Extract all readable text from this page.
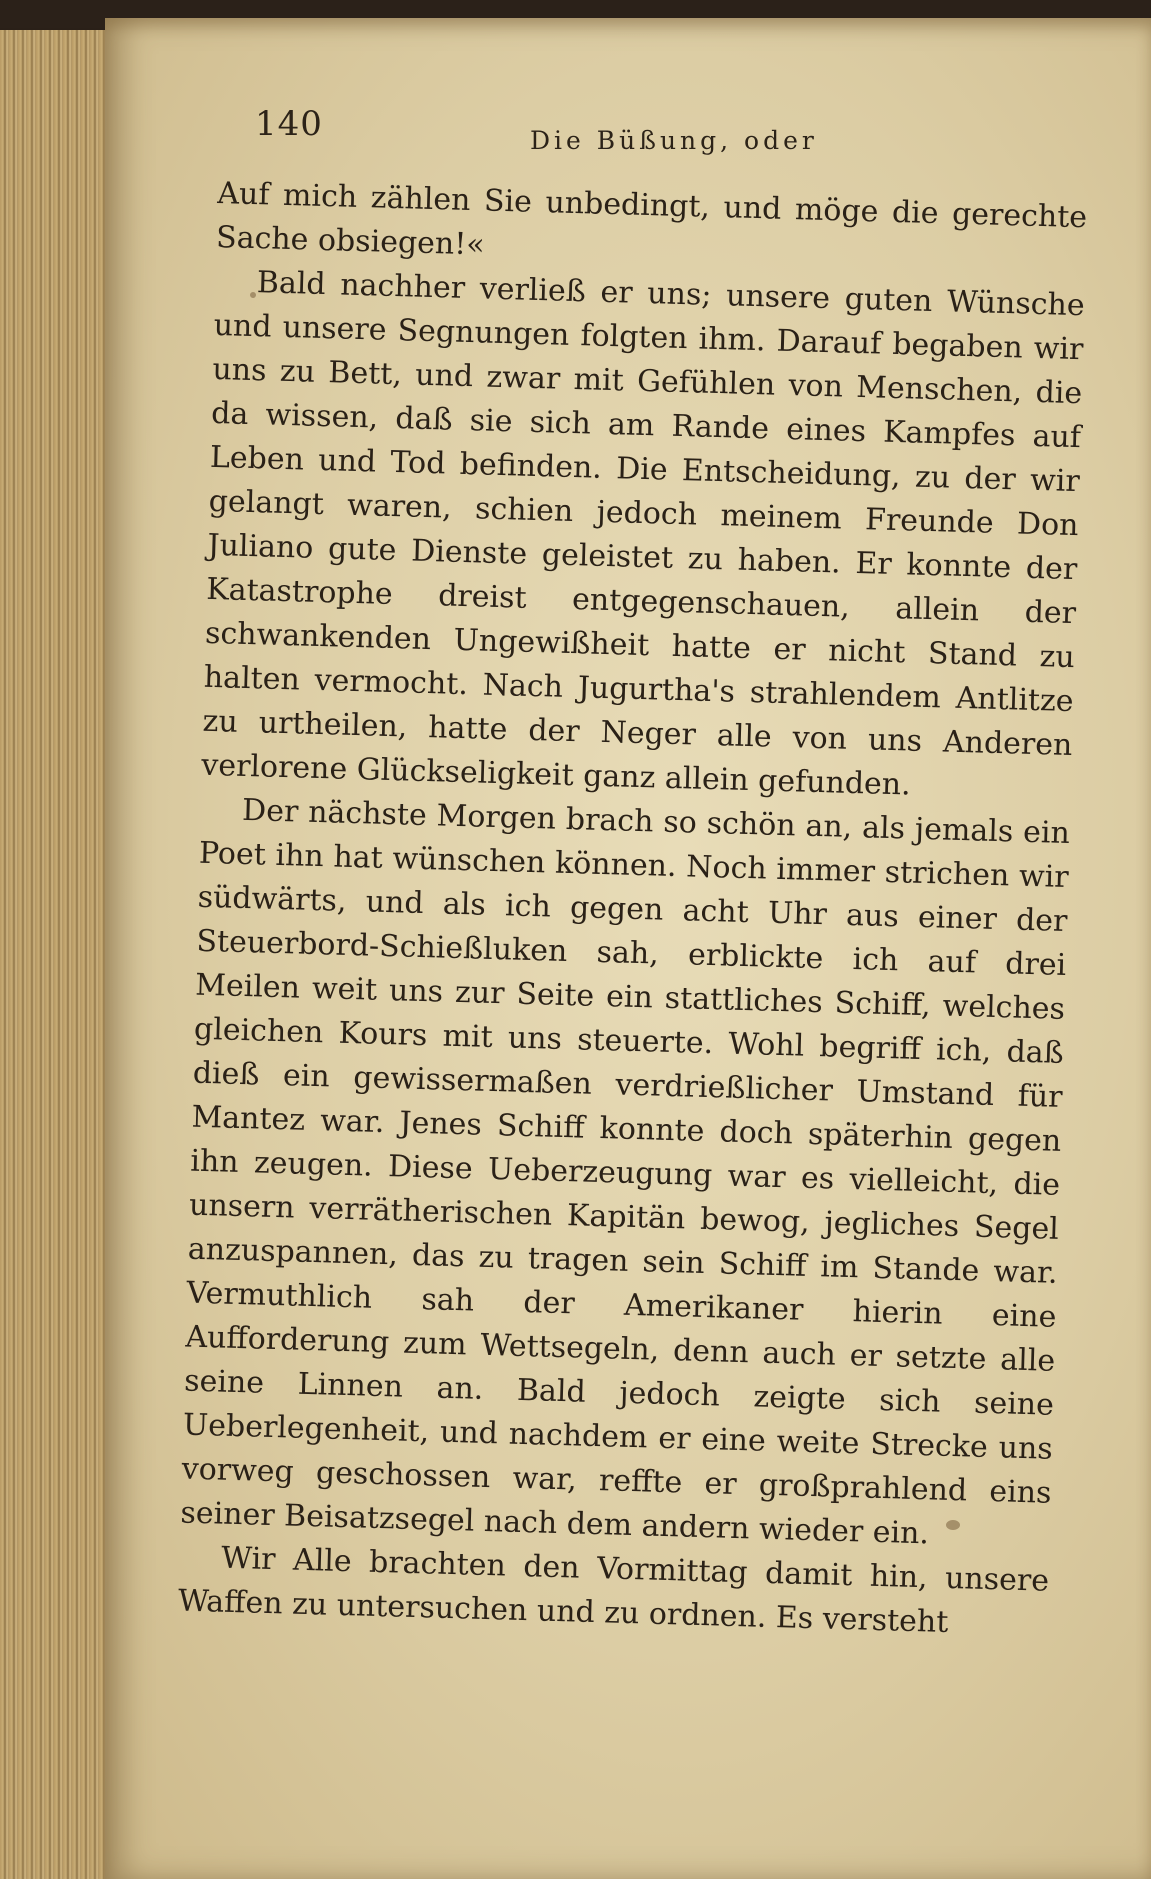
140	Die Büßung, oder

Auf mich zählen Sie unbedingt, und möge die gerechte Sache obsiegen!«

Bald nachher verließ er uns; unsere guten Wünsche und unsere Segnungen folgten ihm. Darauf begaben wir uns zu Bett, und zwar mit Gefühlen von Menschen, die da wissen, daß sie sich am Rande eines Kampfes auf Leben und Tod befinden. Die Entscheidung, zu der wir gelangt waren, schien jedoch meinem Freunde Don Juliano gute Dienste geleistet zu haben. Er konnte der Katastrophe dreist entgegenschauen, allein der schwankenden Ungewißheit hatte er nicht Stand zu halten vermocht. Nach Jugurtha's strahlendem Antlitze zu urtheilen, hatte der Neger alle von uns Anderen verlorene Glückseligkeit ganz allein gefunden.

Der nächste Morgen brach so schön an, als jemals ein Poet ihn hat wünschen können. Noch immer strichen wir südwärts, und als ich gegen acht Uhr aus einer der Steuerbord-Schießluken sah, erblickte ich auf drei Meilen weit uns zur Seite ein stattliches Schiff, welches gleichen Kours mit uns steuerte. Wohl begriff ich, daß dieß ein gewissermaßen verdrießlicher Umstand für Mantez war. Jenes Schiff konnte doch späterhin gegen ihn zeugen. Diese Ueberzeugung war es vielleicht, die unsern verrätherischen Kapitän bewog, jegliches Segel anzuspannen, das zu tragen sein Schiff im Stande war. Vermuthlich sah der Amerikaner hierin eine Aufforderung zum Wettsegeln, denn auch er setzte alle seine Linnen an. Bald jedoch zeigte sich seine Ueberlegenheit, und nachdem er eine weite Strecke uns vorweg geschossen war, reffte er großprahlend eins seiner Beisatzsegel nach dem andern wieder ein.

Wir Alle brachten den Vormittag damit hin, unsere Waffen zu untersuchen und zu ordnen. Es versteht
